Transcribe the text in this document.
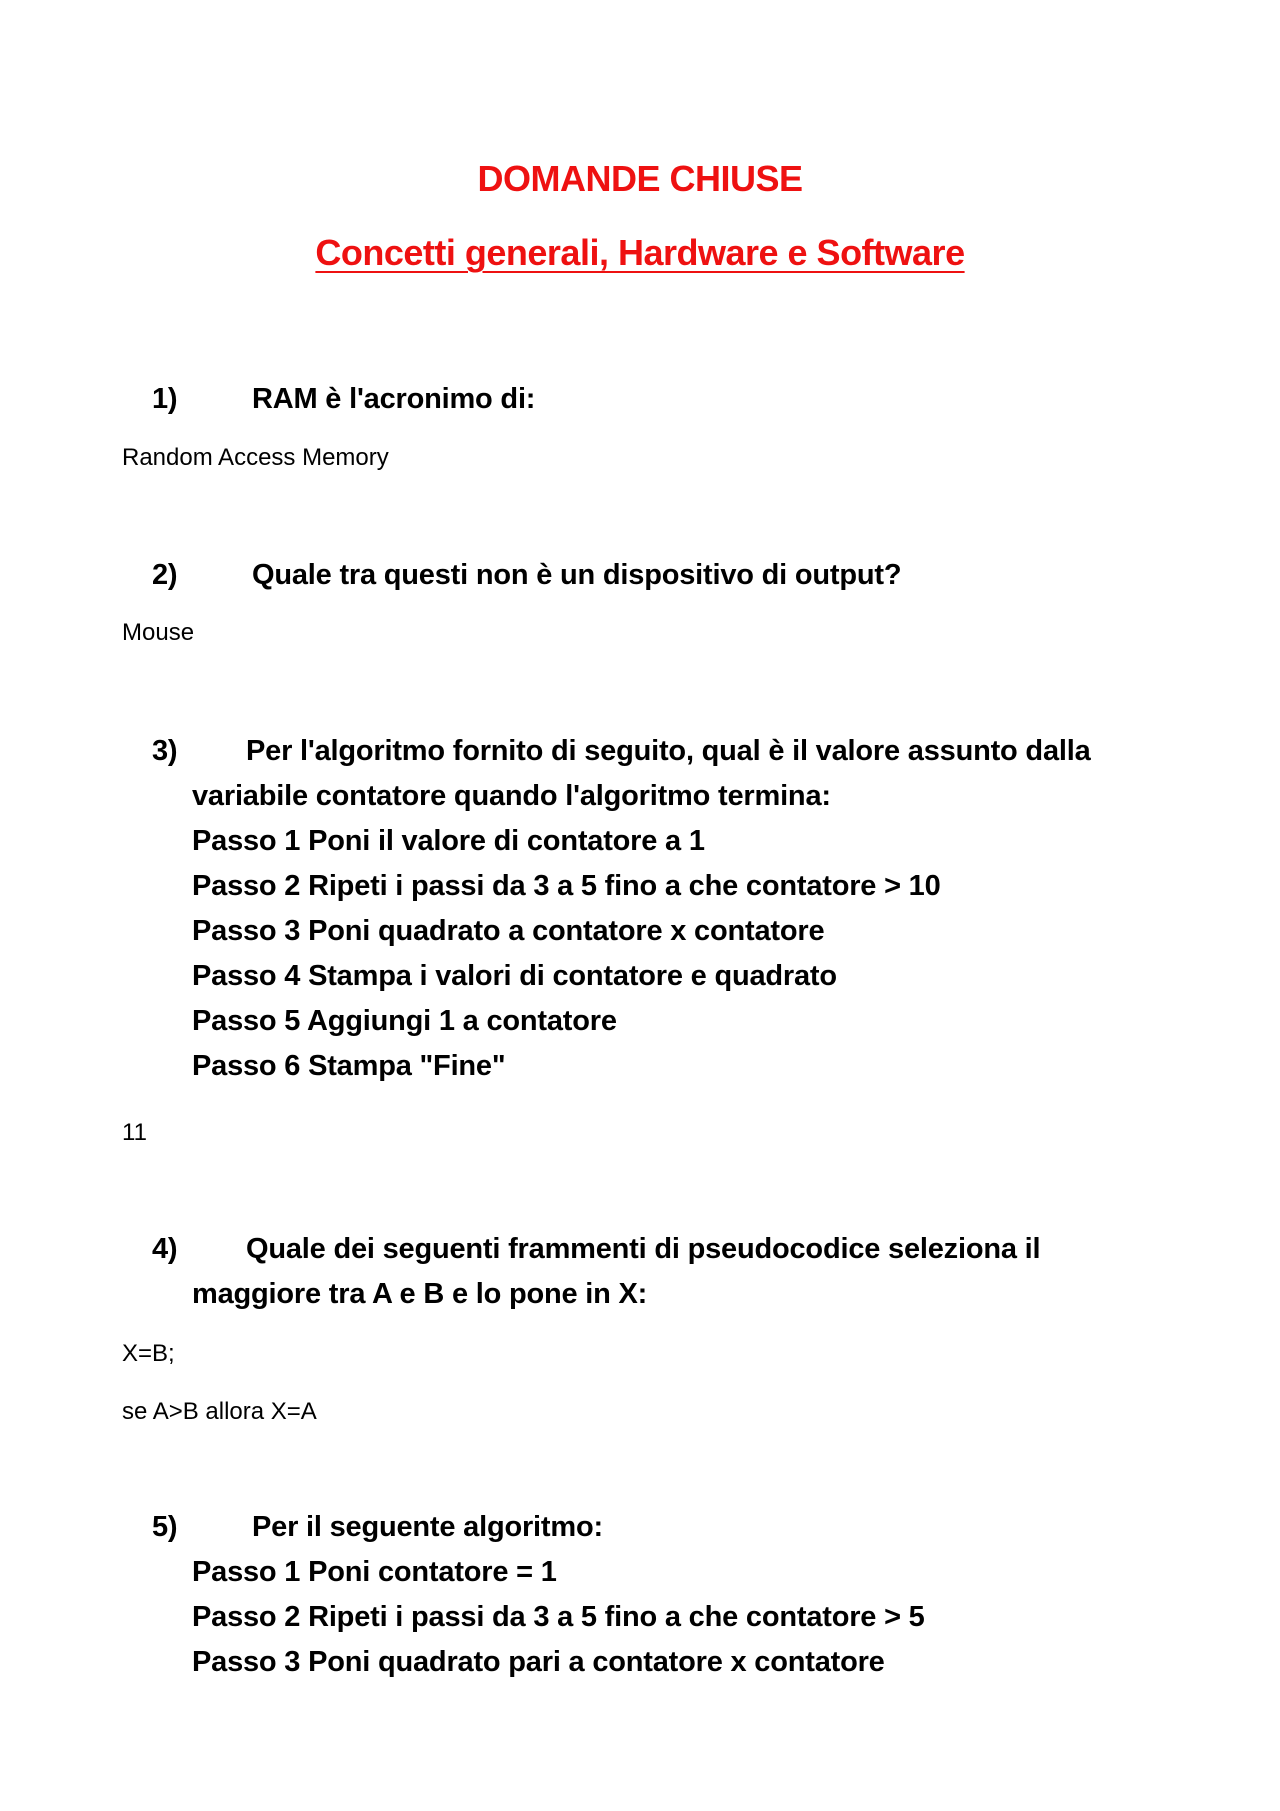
DOMANDE CHIUSE
Concetti generali, Hardware e Software
1)	RAM è l'acronimo di:
Random Access Memory
2)	Quale tra questi non è un dispositivo di output?
Mouse
3) Per l'algoritmo fornito di seguito, qual è il valore assunto dalla
variabile contatore quando l'algoritmo termina:
Passo 1 Poni il valore di contatore a 1
Passo 2 Ripeti i passi da 3 a 5 fino a che contatore > 10
Passo 3 Poni quadrato a contatore x contatore
Passo 4 Stampa i valori di contatore e quadrato
Passo 5 Aggiungi 1 a contatore
Passo 6 Stampa "Fine"
11
4) Quale dei seguenti frammenti di pseudocodice seleziona il
maggiore tra A e B e lo pone in X:
X=B;
se A>B allora X=A
5)	Per il seguente algoritmo:
Passo 1 Poni contatore = 1
Passo 2 Ripeti i passi da 3 a 5 fino a che contatore > 5
Passo 3 Poni quadrato pari a contatore x contatore
